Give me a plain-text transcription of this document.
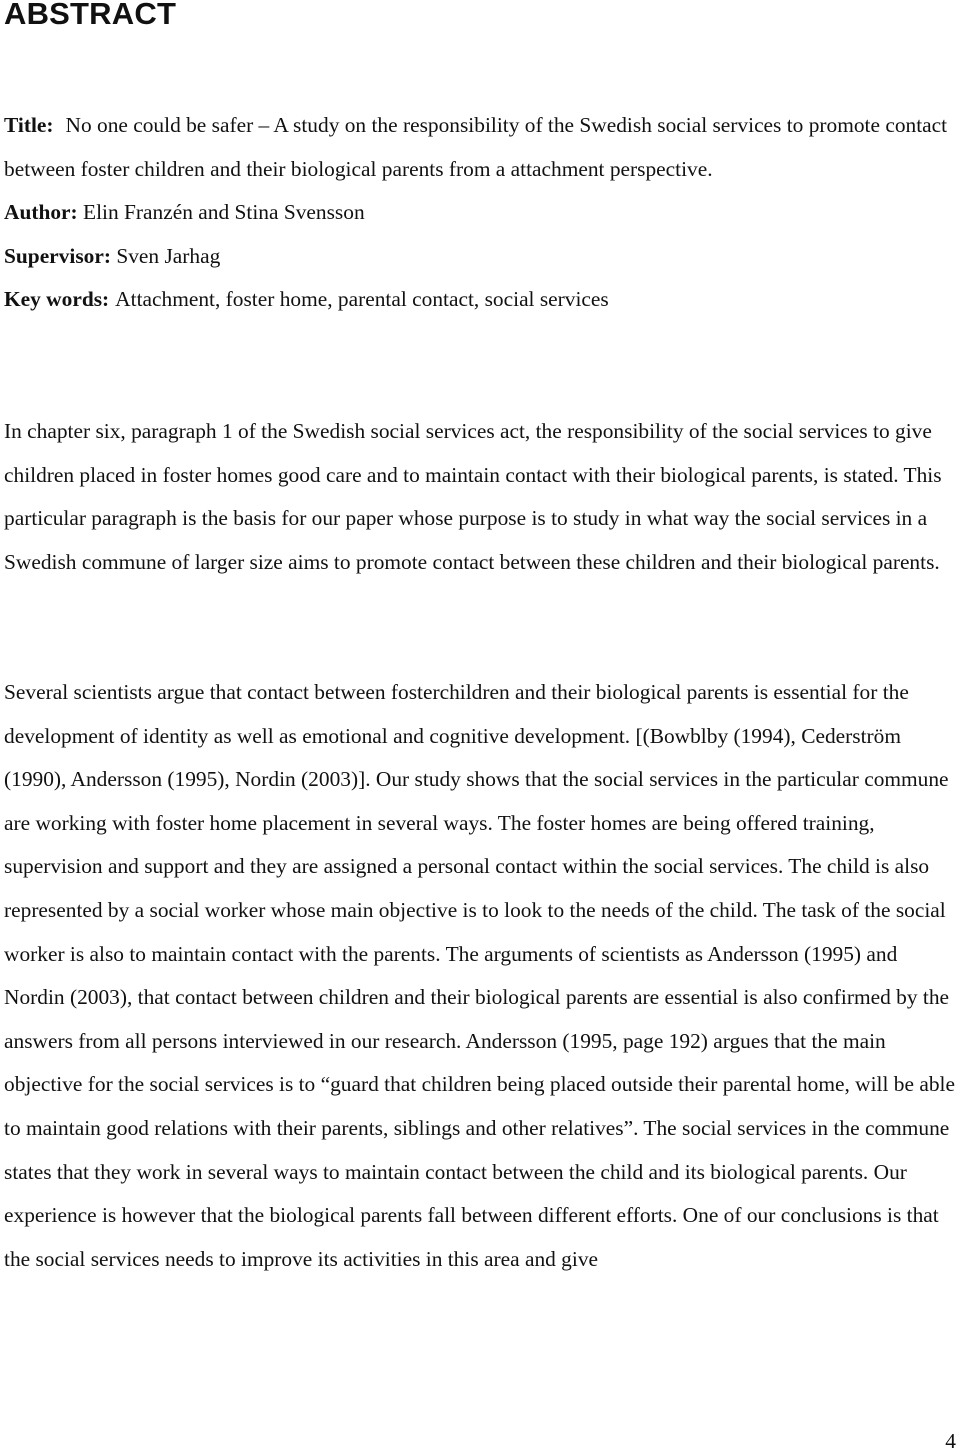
ABSTRACT
Title: No one could be safer – A study on the responsibility of the Swedish social services to promote contact between foster children and their biological parents from a attachment perspective.
Author: Elin Franzén and Stina Svensson
Supervisor: Sven Jarhag
Key words: Attachment, foster home, parental contact, social services

In chapter six, paragraph 1 of the Swedish social services act, the responsibility of the social services to give children placed in foster homes good care and to maintain contact with their biological parents, is stated. This particular paragraph is the basis for our paper whose purpose is to study in what way the social services in a Swedish commune of larger size aims to promote contact between these children and their biological parents.

Several scientists argue that contact between fosterchildren and their biological parents is essential for the development of identity as well as emotional and cognitive development. [(Bowblby (1994), Cederström (1990), Andersson (1995), Nordin (2003)]. Our study shows that the social services in the particular commune are working with foster home placement in several ways. The foster homes are being offered training, supervision and support and they are assigned a personal contact within the social services. The child is also represented by a social worker whose main objective is to look to the needs of the child. The task of the social worker is also to maintain contact with the parents. The arguments of scientists as Andersson (1995) and Nordin (2003), that contact between children and their biological parents are essential is also confirmed by the answers from all persons interviewed in our research. Andersson (1995, page 192) argues that the main objective for the social services is to “guard that children being placed outside their parental home, will be able to maintain good relations with their parents, siblings and other relatives”. The social services in the commune states that they work in several ways to maintain contact between the child and its biological parents. Our experience is however that the biological parents fall between different efforts. One of our conclusions is that the social services needs to improve its activities in this area and give

4
